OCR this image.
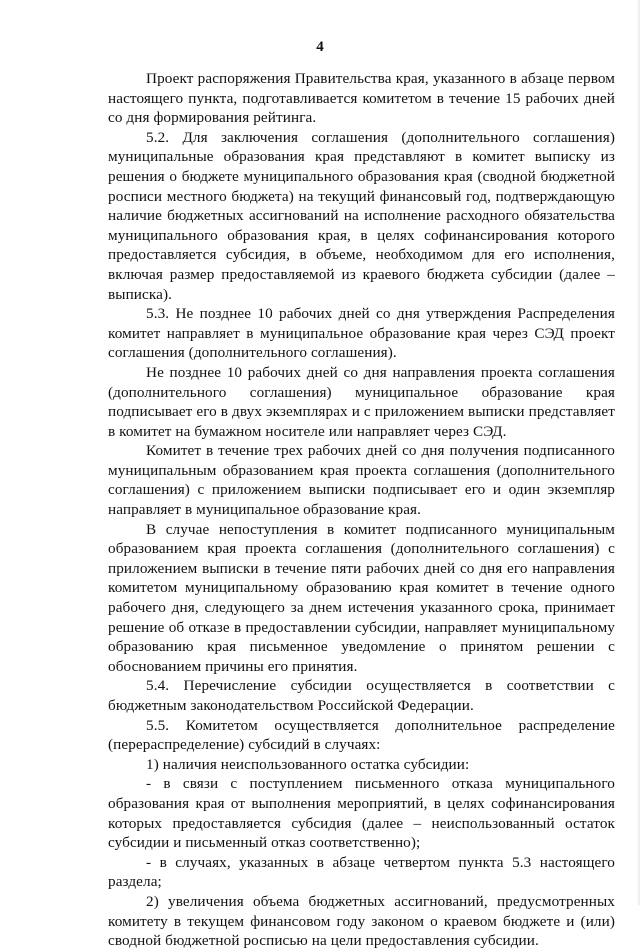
4

Проект распоряжения Правительства края, указанного в абзаце первом настоящего пункта, подготавливается комитетом в течение 15 рабочих дней со дня формирования рейтинга.

5.2. Для заключения соглашения (дополнительного соглашения) муниципальные образования края представляют в комитет выписку из решения о бюджете муниципального образования края (сводной бюджетной росписи местного бюджета) на текущий финансовый год, подтверждающую наличие бюджетных ассигнований на исполнение расходного обязательства муниципального образования края, в целях софинансирования которого предоставляется субсидия, в объеме, необходимом для его исполнения, включая размер предоставляемой из краевого бюджета субсидии (далее – выписка).

5.3. Не позднее 10 рабочих дней со дня утверждения Распределения комитет направляет в муниципальное образование края через СЭД проект соглашения (дополнительного соглашения).

Не позднее 10 рабочих дней со дня направления проекта соглашения (дополнительного соглашения) муниципальное образование края подписывает его в двух экземплярах и с приложением выписки представляет в комитет на бумажном носителе или направляет через СЭД.

Комитет в течение трех рабочих дней со дня получения подписанного муниципальным образованием края проекта соглашения (дополнительного соглашения) с приложением выписки подписывает его и один экземпляр направляет в муниципальное образование края.

В случае непоступления в комитет подписанного муниципальным образованием края проекта соглашения (дополнительного соглашения) с приложением выписки в течение пяти рабочих дней со дня его направления комитетом муниципальному образованию края комитет в течение одного рабочего дня, следующего за днем истечения указанного срока, принимает решение об отказе в предоставлении субсидии, направляет муниципальному образованию края письменное уведомление о принятом решении с обоснованием причины его принятия.

5.4. Перечисление субсидии осуществляется в соответствии с бюджетным законодательством Российской Федерации.

5.5. Комитетом осуществляется дополнительное распределение (перераспределение) субсидий в случаях:

1) наличия неиспользованного остатка субсидии:

- в связи с поступлением письменного отказа муниципального образования края от выполнения мероприятий, в целях софинансирования которых предоставляется субсидия (далее – неиспользованный остаток субсидии и письменный отказ соответственно);

- в случаях, указанных в абзаце четвертом пункта 5.3 настоящего раздела;

2) увеличения объема бюджетных ассигнований, предусмотренных комитету в текущем финансовом году законом о краевом бюджете и (или) сводной бюджетной росписью на цели предоставления субсидии.
